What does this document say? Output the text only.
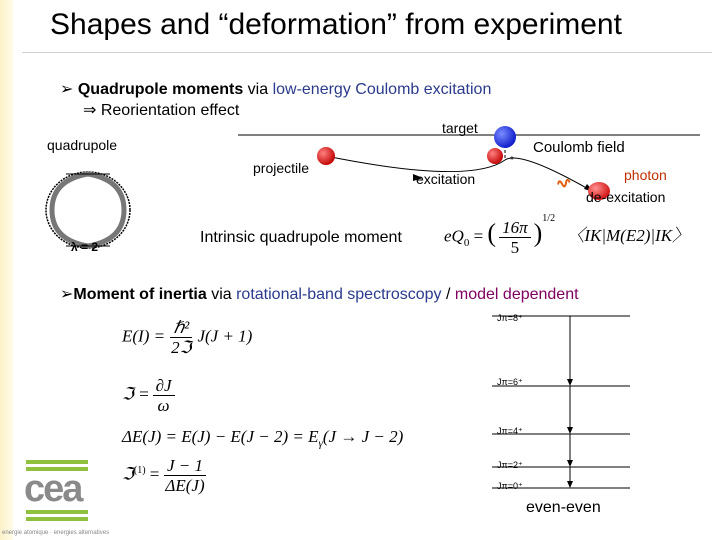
Shapes and “deformation” from experiment
➢ Quadrupole moments via low-energy Coulomb excitation
⇒ Reorientation effect
target
quadrupole
projectile
Coulomb field
*
excitation	photon
de-excitation
λ = 2
Intrinsic quadrupole moment $eQ_0$ = ( $\frac{16\pi}{5} )^{1/2}$ 〈IK|M(E2)|IK〉
➢Moment of inertia via rotational-band spectroscopy / model dependent
$E(I) = \frac{\text{ℏ²}}{\text{2ℑ}} J(J + 1)$
ℑ = $\frac{\partial J}{\omega}$
$\Delta E(J) = E(J) - E(J - 2) = E_\gamma(J \to J - 2)$
ℑ$^{(1)}$ = $\frac{J - 1}{\Delta E(J)}$
Jπ=8⁺
Jπ=6⁺
Jπ=4⁺
Jπ=2⁺
Jπ=0⁺
even-even
cea
energie atomique · energies alternatives
